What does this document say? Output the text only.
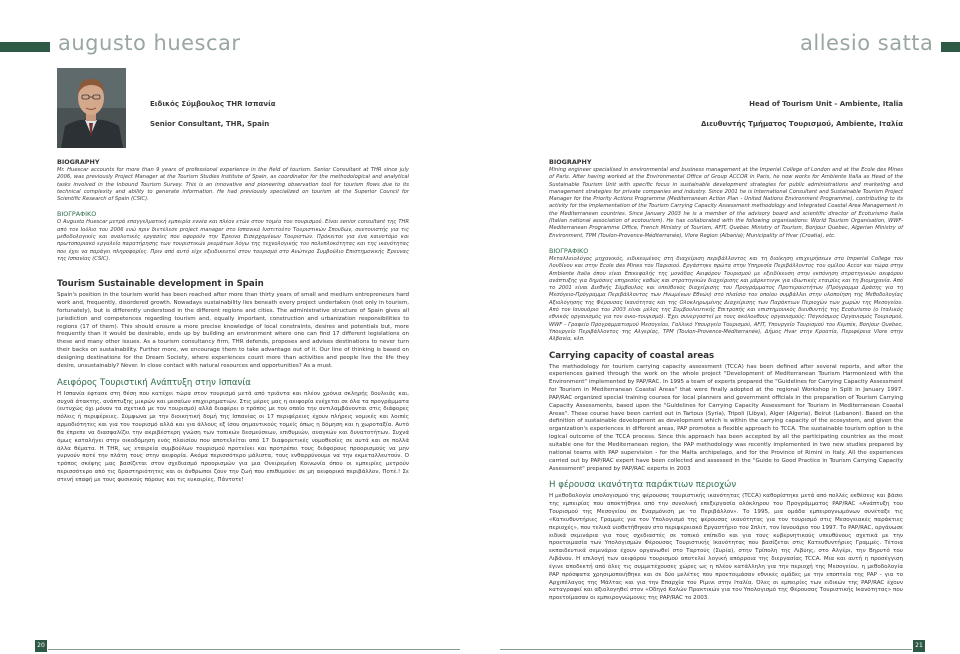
augusto huescar	allesio satta
Ειδικός Σύμβουλος THR Ισπανία
Senior Consultant, THR, Spain
Head of Tourism Unit - Ambiente, Italia
Διευθυντής Τμήματος Τουρισμού, Ambiente, Ιταλία
BIOGRAPHY
Mr. Huescar accounts for more than 9 years of professional experience in the field of tourism. Senior Consultant at THR since july 2006, was previously Project Manager at the Tourism Studies Institute of Spain, as coordinator for the methodological and analytical tasks involved in the Inbound Tourism Survey. This is an innovative and pioneering observation tool for tourism flows due to its technical complexity and ability to generate information. He had previously specialized on tourism at the Superior Council for Scientific Research of Spain (CSIC).
ΒΙΟΓΡΑΦΙΚΟ
Ο Augusto Huescar μετρά επαγγελματική εμπειρία εννέα και πλέον ετών στον τομέα του τουρισμού. Είναι senior consultant της THR από τον Ιούλιο του 2006 ενώ πριν διετέλεσε project manager στο Ισπανικό Ινστιτούτο Τουριστικών Σπουδών, συντονιστής για τις μεθοδολογικές και αναλυτικές εργασίες που αφορούν την Έρευνα Εισερχομένων Τουριστών. Πρόκειται για ένα καινοτόμο και πρωτοποριακό εργαλείο παρατήρησης των τουριστικών ρευμάτων λόγω της τεχνολογικής του πολυπλοκότητας και της ικανότητας που έχει να παράγει πληροφορίες. Πριν από αυτό είχε εξειδικευτεί στον τουρισμό στο Ανώτερο Συμβούλιο Επιστημονικής Έρευνας της Ισπανίας (CSIC).
Tourism Sustainable development in Spain
Spain's position in the tourism world has been reached after more than thirty years of small and medium entrepreneurs hard work and, frequently, disordered growth. Nowadays sustainability lies beneath every project undertaken (not only in tourism, fortunately), but is differently understood in the different regions and cities. The administrative structure of Spain gives all jurisdiction and competences regarding tourism and, equally important, construction and urbanization responsibilities to regions (17 of them). This should ensure a more precise knowledge of local constraints, desires and potentials but, more frequently than it would be desirable, ends up by building an environment where one can find 17 different legislations on these and many other issues. As a tourism consultancy firm, THR defends, proposes and advises destinations to never turn their backs on sustainability. Further more, we encourage them to take advantage out of it. Our line of thinking is based on designing destinations for the Dream Society, where experiences count more than activities and people live the life they desire, unsustainably? Never. In close contact with natural resources and opportunities? As a must.
Αειφόρος Τουριστική Ανάπτυξη στην Ισπανία
Η Ισπανία έφτασε στη θέση που κατέχει τώρα στον τουρισμό μετά από τριάντα και πλέον χρόνια σκληρής δουλειάς και, συχνά άτακτης, ανάπτυξης μικρών και μεσαίων επιχειρηματιών. Στις μέρες μας η αειφορία ενέχεται σε όλα τα προγράμματα (ευτυχώς όχι μόνον τα σχετικά με τον τουρισμό) αλλά διαφέρει ο τρόπος με τον οποίο την αντιλαμβάνονται στις διάφορες πόλεις ή περιφέρειες. Σύμφωνα με την διοικητική δομή της Ισπανίας οι 17 περιφέρειες έχουν πλήρεις νομικές και λοιπές αρμοδιότητες και για τον τουρισμό αλλά και για άλλους εξ ίσου σημαντικούς τομείς όπως η δόμηση και η χωροταξία. Αυτό θα έπρεπε να διασφαλίζει την ακριβέστερη γνώση των τοπικών δεσμεύσεων, επιθυμιών, αναγκών και δυνατοτήτων. Συχνά όμως καταλήγει στην οικοδόμηση ενός πλαισίου που αποτελείται από 17 διαφορετικές νομοθεσίες σε αυτά και σε πολλά άλλα θέματα. Η THR, ως εταιρεία συμβούλων τουρισμού προτείνει και προτρέπει τους διάφορους προορισμούς να μην γυρνούν ποτέ την πλάτη τους στην αειφορία. Ακόμα περισσότερο μάλιστα, τους ενθαρρύνουμε να την εκμεταλλευτούν. Ο τρόπος σκέψης μας βασίζεται στον σχεδιασμό προορισμών για μια Ονειρεμένη Κοινωνία όπου οι εμπειρίες μετρούν περισσότερο από τις δραστηριότητες και οι άνθρωποι ζουν την ζωή που επιθυμούν: σε μη αειφορικό περιβάλλον, Ποτέ.! Σε στενή επαφή με τους φυσικούς πόρους και τις ευκαιρίες, Πάντοτε!
BIOGRAPHY
Mining engineer specialised in environmental and business management at the Imperial College of London and at the Ecole des Mines of Paris. After having worked at the Environmental Office of Group ACCOR in Paris, he now works for Ambiente Italia as Head of the Sustainable Tourism Unit with specific focus in sustainable development strategies for public administrations and marketing and management strategies for private companies and industry. Since 2001 he is International Consultant and Sustainable Tourism Project Manager for the Priority Actions Programme (Mediterranean Action Plan - United Nations Environment Programme), contributing to its activity for the implementation of the Tourism Carrying Capacity Assessment methodology and Integrated Coastal Area Management in the Mediterranean countries. Since January 2003 he is a member of the advisory board and scientific director of Ecoturismo Italia (Italian national association of ecotourism). He has collaborated with the following organisations: World Tourism Organisation, WWF-Mediterranean Programme Office, French Ministry of Tourism, AFIT, Quebec Ministry of Tourism, Bonjour Quebec, Algerian Ministry of Environment, TPM (Toulon-Provence-Méditerranée), Vlore Region (Albania); Municipality of Hvar (Croatia), etc.
ΒΙΟΓΡΑΦΙΚΟ
Μεταλλειολόγος μηχανικός, ειδικευμένος στη διαχείριση περιβάλλοντος και τη διοίκηση επιχειρήσεων στο Imperial College του Λονδίνου και στην Ecole des Mines του Παρισιού. Εργάστηκε πρώτα στην Υπηρεσία Περιβάλλοντος του ομίλου Accor και τώρα στην Ambiente Italia όπου είναι Επικεφαλής της μονάδας Αειφόρου Τουρισμού με εξειδίκευση στην εκπόνηση στρατηγικών αειφόρου ανάπτυξης για δημόσιες υπηρεσίες καθώς και στρατηγικών διαχείρισης και μάρκετινγκ για ιδιωτικές εταιρίες και τη βιομηχανία. Από το 2001 είναι Διεθνής Σύμβουλος και υπεύθυνος διαχείρισης του Προγράμματος Προτεραιοτήτων (Πρόγραμμα Δράσης για τη Μεσόγειο-Πρόγραμμα Περιβάλλοντος των Ηνωμένων Εθνών) στο πλαίσιο του οποίου συμβάλλει στην υλοποίηση της Μεθοδολογίας Αξιολόγησης της Φέρουσας Ικανότητας και της Ολοκληρωμένης Διαχείρισης των Παράκτιων Περιοχών των χωρών της Μεσογείου. Από τον Ιανουάριο του 2003 είναι μέλος της Συμβουλευτικής Επιτροπής και επιστημονικός διευθυντής της Ecoturismo (ο Ιταλικός εθνικός οργανισμός για τον οικο-τουρισμό). Έχει συνεργαστεί με τους ακόλουθους οργανισμούς: Παγκόσμιος Οργανισμός Τουρισμού, WWF - Γραφείο Προγραμματισμού Μεσογείου, Γαλλικό Υπουργείο Τουρισμού, AFIT, Υπουργείο Τουρισμού του Κεμπέκ, Bonjour Quebec, Υπουργείο Περιβάλλοντος της Αλγερίας, TPM (Toulon-Provence-Méditerranée), Δήμος Hvar στην Κροατία, Περιφέρεια Vlore στην Αλβανία, κλπ.
Carrying capacity of coastal areas
The methodology for tourism carrying capacity assessment (TCCA) has been defined after several reports, and after the experiences gained through the work on the whole project "Development of Mediterranean Tourism Harmonized with the Environment" implemented by PAP/RAC. In 1995 a team of experts prepared the "Guidelines for Carrying Capacity Assessment for Tourism in Mediterranean Coastal Areas" that were finally adopted at the regional Workshop in Split in January 1997. PAP/RAC organized special training courses for local planners and government officials in the preparation of Tourism Carrying Capacity Assessments, based upon the "Guidelines for Carrying Capacity Assessment for Tourism in Mediterranean Coastal Areas". These course have been carried out in Tartous (Syria), Tripoli (Libya), Alger (Algeria), Beirut (Lebanon). Based on the definition of sustainable development as development which is within the carrying capacity of the ecosystem, and given the organization's experiences in different areas, PAP promotes a flexible approach to TCCA. The sustainable tourism option is the logical outcome of the TCCA process. Since this approach has been accepted by all the participating countries as the most suitable one for the Mediterranean region, the PAP methodology was recently implemented in two new studies prepared by national teams with PAP supervision - for the Malta archipelago, and for the Province of Rimini in Italy. All the experiences carried out by PAP/RAC expert have been collected and assessed in the "Guide to Good Practice in Tourism Carrying Capacity Assessment" prepared by PAP/RAC experts in 2003
Η φέρουσα ικανότητα παράκτιων περιοχών
Η μεθοδολογία υπολογισμού της φέρουσας τουριστικής ικανότητας (TCCA) καθορίστηκε μετά από πολλές εκθέσεις και βάσει της εμπειρίας που αποκτήθηκε από την συνολική επεξεργασία ολόκληρου του Προγράμματος PAP/RAC «Ανάπτυξη του Τουρισμού της Μεσογείου σε Εναρμόνιση με το Περιβάλλον». Το 1995, μια ομάδα εμπειρογνωμόνων συνέταξε τις «Κατευθυντήριες Γραμμές για τον Υπολογισμό της φέρουσας ικανότητας για τον τουρισμό στις Μεσογειακές παράκτιες περιοχές», που τελικά υιοθετήθηκαν στο περιφερειακό Εργαστήριο του Σπλιτ, τον Ιανουάριο του 1997. Το PAP/RAC, οργάνωσε ειδικά σεμινάρια για τους σχεδιαστές σε τοπικό επίπεδο και για τους κυβερνητικούς υπευθύνους σχετικά με την προετοιμασία των Υπολογισμών Φέρουσας Τουριστικής Ικανότητας που βασίζεται στις Κατευθυντήριες Γραμμές. Τέτοια εκπαιδευτικά σεμινάρια έχουν οργανωθεί στο Ταρτούς (Συρία), στην Τρίπολη της Λιβύης, στο Αλγέρι, την Βηρυτό του Λιβάνου. Η επιλογή των αειφόρου τουρισμού αποτελεί λογική απόρροια της διεργασίας TCCA. Μια και αυτή η προσέγγιση έγινε αποδεκτή από όλες τις συμμετέχουσες χώρες ως η πλέον κατάλληλη για την περιοχή της Μεσογείου, η μεθοδολογία PAP πρόσφατα χρησιμοποιήθηκε και σε δύο μελέτες που προετοιμάσαν εθνικές ομάδες με την εποπτεία της PAP - για το Αρχιπέλαγος της Μάλτας και για την Επαρχία του Ρίμινι στην Ιταλία. Όλες οι εμπειρίες των ειδικών της PAP/RAC έχουν καταγραφεί και αξιολογηθεί στον «Οδηγό Καλών Πρακτικών για τον Υπολογισμό της Φέρουσας Τουριστικής Ικανότητας» που προετοίμασαν οι εμπειρογνώμονες της PAP/RAC το 2003.
20	21
